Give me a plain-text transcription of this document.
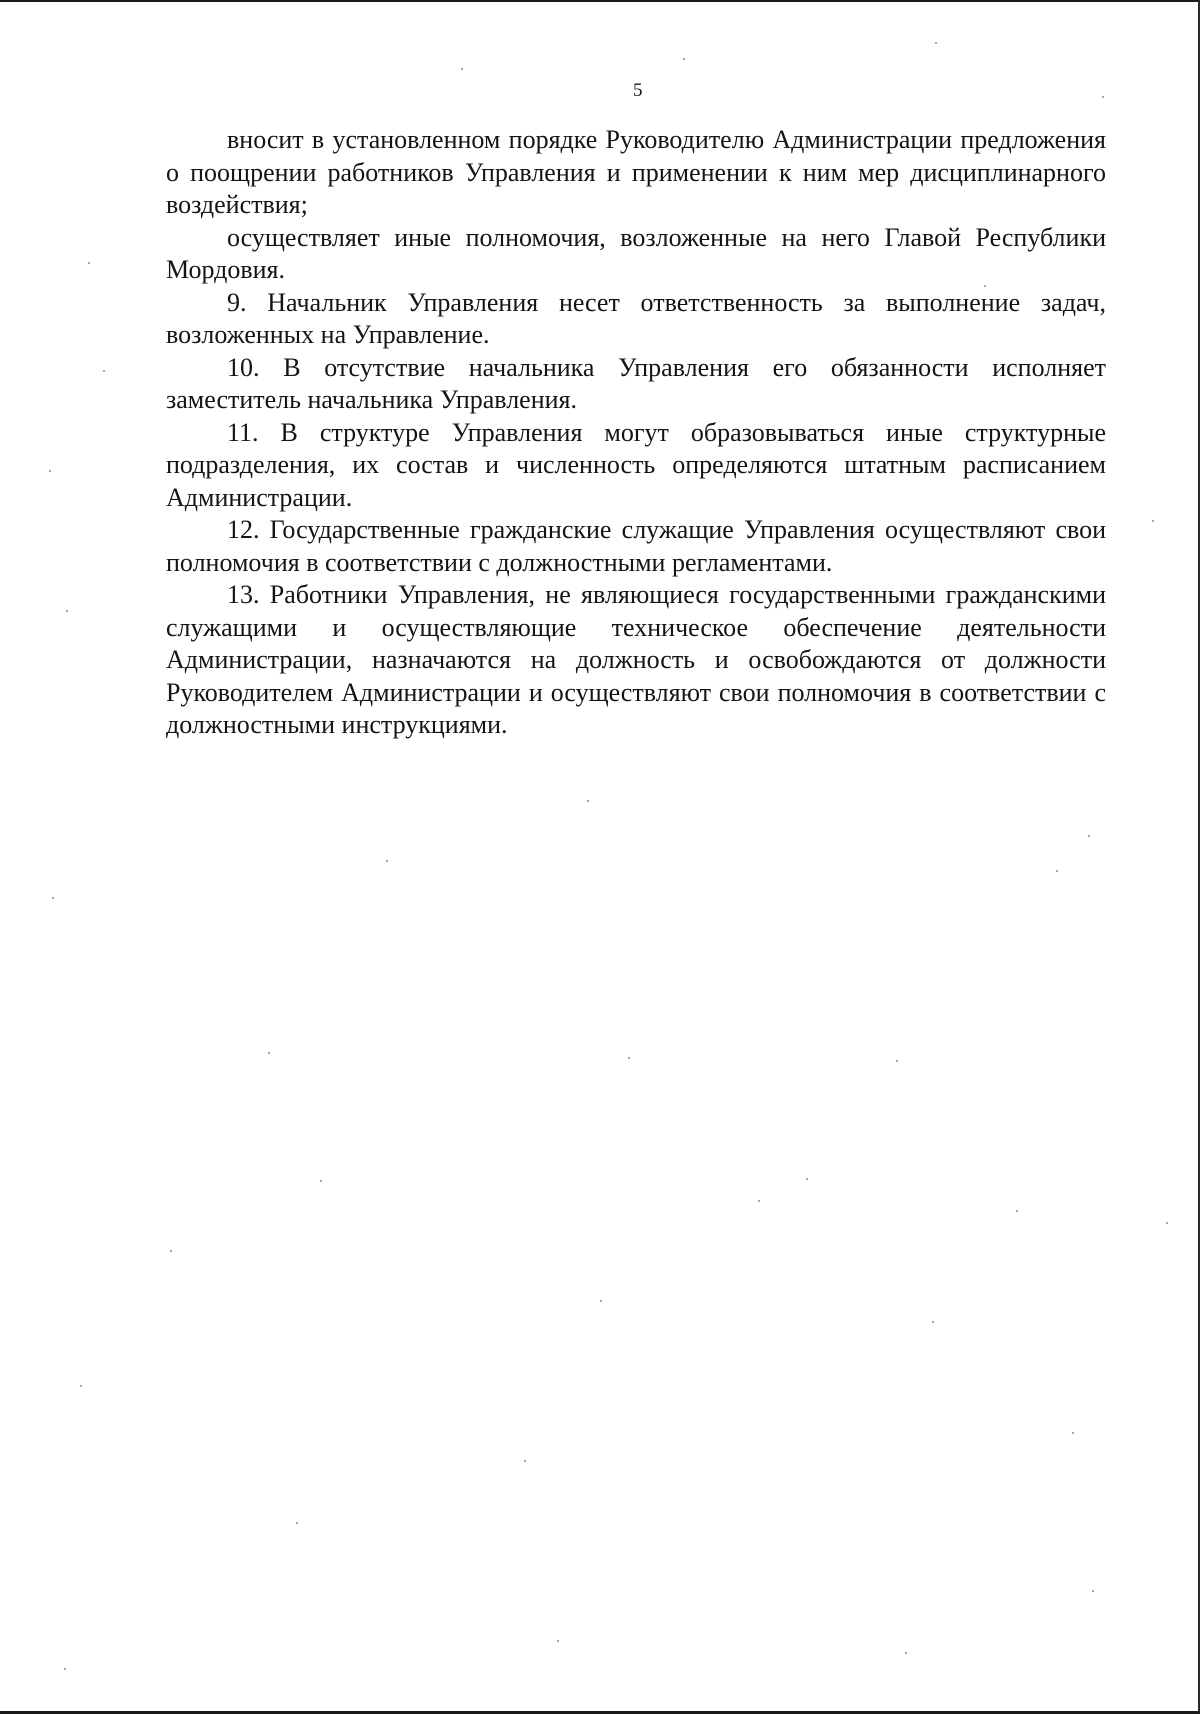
5

вносит в установленном порядке Руководителю Администрации предложения о поощрении работников Управления и применении к ним мер дисциплинарного воздействия;

осуществляет иные полномочия, возложенные на него Главой Республики Мордовия.

9. Начальник Управления несет ответственность за выполнение задач, возложенных на Управление.

10. В отсутствие начальника Управления его обязанности исполняет заместитель начальника Управления.

11. В структуре Управления могут образовываться иные структурные подразделения, их состав и численность определяются штатным расписанием Администрации.

12. Государственные гражданские служащие Управления осуществляют свои полномочия в соответствии с должностными регламентами.

13. Работники Управления, не являющиеся государственными гражданскими служащими и осуществляющие техническое обеспечение деятельности Администрации, назначаются на должность и освобождаются от должности Руководителем Администрации и осуществляют свои полномочия в соответствии с должностными инструкциями.
